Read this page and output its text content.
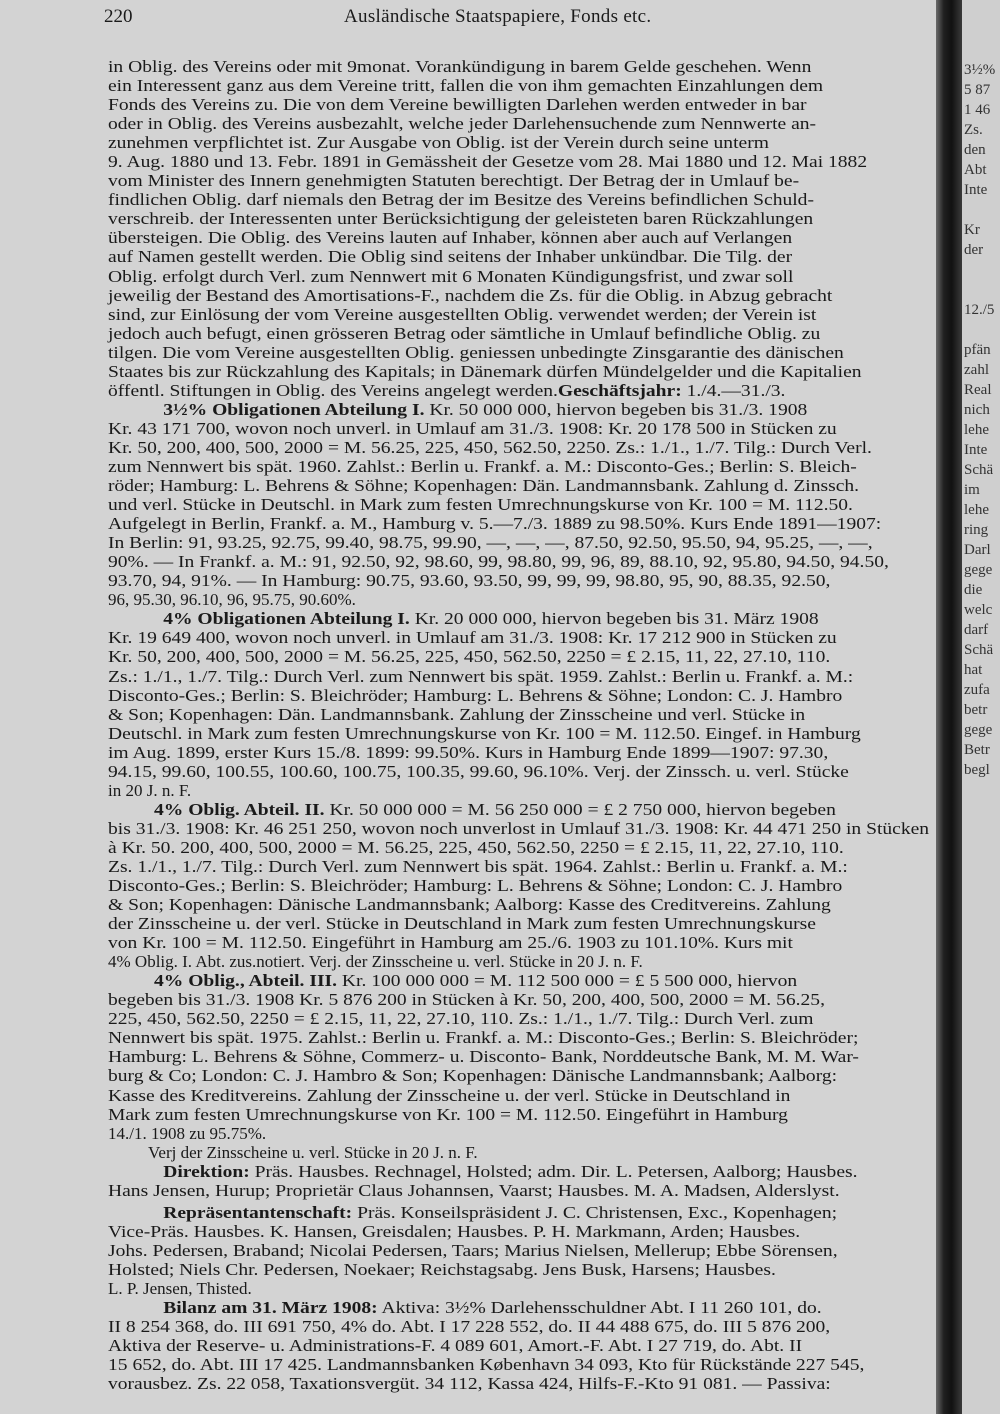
220	Ausländische Staatspapiere, Fonds etc.
in Oblig. des Vereins oder mit 9monat. Vorankündigung in barem Gelde geschehen. Wenn
ein Interessent ganz aus dem Vereine tritt, fallen die von ihm gemachten Einzahlungen dem
Fonds des Vereins zu. Die von dem Vereine bewilligten Darlehen werden entweder in bar
oder in Oblig. des Vereins ausbezahlt, welche jeder Darlehensuchende zum Nennwerte an-
zunehmen verpflichtet ist. Zur Ausgabe von Oblig. ist der Verein durch seine unterm
9. Aug. 1880 und 13. Febr. 1891 in Gemässheit der Gesetze vom 28. Mai 1880 und 12. Mai 1882
vom Minister des Innern genehmigten Statuten berechtigt. Der Betrag der in Umlauf be-
findlichen Oblig. darf niemals den Betrag der im Besitze des Vereins befindlichen Schuld-
verschreib. der Interessenten unter Berücksichtigung der geleisteten baren Rückzahlungen
übersteigen. Die Oblig. des Vereins lauten auf Inhaber, können aber auch auf Verlangen
auf Namen gestellt werden. Die Oblig sind seitens der Inhaber unkündbar. Die Tilg. der
Oblig. erfolgt durch Verl. zum Nennwert mit 6 Monaten Kündigungsfrist, und zwar soll
jeweilig der Bestand des Amortisations-F., nachdem die Zs. für die Oblig. in Abzug gebracht
sind, zur Einlösung der vom Vereine ausgestellten Oblig. verwendet werden; der Verein ist
jedoch auch befugt, einen grösseren Betrag oder sämtliche in Umlauf befindliche Oblig. zu
tilgen. Die vom Vereine ausgestellten Oblig. geniessen unbedingte Zinsgarantie des dänischen
Staates bis zur Rückzahlung des Kapitals; in Dänemark dürfen Mündelgelder und die Kapitalien
öffentl. Stiftungen in Oblig. des Vereins angelegt werden.Geschäftsjahr: 1./4.—31./3.
3½% Obligationen Abteilung I. Kr. 50 000 000, hiervon begeben bis 31./3. 1908
Kr. 43 171 700, wovon noch unverl. in Umlauf am 31./3. 1908: Kr. 20 178 500 in Stücken zu
Kr. 50, 200, 400, 500, 2000 = M. 56.25, 225, 450, 562.50, 2250. Zs.: 1./1., 1./7. Tilg.: Durch Verl.
zum Nennwert bis spät. 1960. Zahlst.: Berlin u. Frankf. a. M.: Disconto-Ges.; Berlin: S. Bleich-
röder; Hamburg: L. Behrens & Söhne; Kopenhagen: Dän. Landmannsbank. Zahlung d. Zinssch.
und verl. Stücke in Deutschl. in Mark zum festen Umrechnungskurse von Kr. 100 = M. 112.50.
Aufgelegt in Berlin, Frankf. a. M., Hamburg v. 5.—7./3. 1889 zu 98.50%. Kurs Ende 1891—1907:
In Berlin: 91, 93.25, 92.75, 99.40, 98.75, 99.90, —, —, —, 87.50, 92.50, 95.50, 94, 95.25, —, —,
90%. — In Frankf. a. M.: 91, 92.50, 92, 98.60, 99, 98.80, 99, 96, 89, 88.10, 92, 95.80, 94.50, 94.50,
93.70, 94, 91%. — In Hamburg: 90.75, 93.60, 93.50, 99, 99, 99, 98.80, 95, 90, 88.35, 92.50,
96, 95.30, 96.10, 96, 95.75, 90.60%.
4% Obligationen Abteilung I. Kr. 20 000 000, hiervon begeben bis 31. März 1908
Kr. 19 649 400, wovon noch unverl. in Umlauf am 31./3. 1908: Kr. 17 212 900 in Stücken zu
Kr. 50, 200, 400, 500, 2000 = M. 56.25, 225, 450, 562.50, 2250 = £ 2.15, 11, 22, 27.10, 110.
Zs.: 1./1., 1./7. Tilg.: Durch Verl. zum Nennwert bis spät. 1959. Zahlst.: Berlin u. Frankf. a. M.:
Disconto-Ges.; Berlin: S. Bleichröder; Hamburg: L. Behrens & Söhne; London: C. J. Hambro
& Son; Kopenhagen: Dän. Landmannsbank. Zahlung der Zinsscheine und verl. Stücke in
Deutschl. in Mark zum festen Umrechnungskurse von Kr. 100 = M. 112.50. Eingef. in Hamburg
im Aug. 1899, erster Kurs 15./8. 1899: 99.50%. Kurs in Hamburg Ende 1899—1907: 97.30,
94.15, 99.60, 100.55, 100.60, 100.75, 100.35, 99.60, 96.10%. Verj. der Zinssch. u. verl. Stücke
in 20 J. n. F.
4% Oblig. Abteil. II. Kr. 50 000 000 = M. 56 250 000 = £ 2 750 000, hiervon begeben
bis 31./3. 1908: Kr. 46 251 250, wovon noch unverlost in Umlauf 31./3. 1908: Kr. 44 471 250 in Stücken
à Kr. 50. 200, 400, 500, 2000 = M. 56.25, 225, 450, 562.50, 2250 = £ 2.15, 11, 22, 27.10, 110.
Zs. 1./1., 1./7. Tilg.: Durch Verl. zum Nennwert bis spät. 1964. Zahlst.: Berlin u. Frankf. a. M.:
Disconto-Ges.; Berlin: S. Bleichröder; Hamburg: L. Behrens & Söhne; London: C. J. Hambro
& Son; Kopenhagen: Dänische Landmannsbank; Aalborg: Kasse des Creditvereins. Zahlung
der Zinsscheine u. der verl. Stücke in Deutschland in Mark zum festen Umrechnungskurse
von Kr. 100 = M. 112.50. Eingeführt in Hamburg am 25./6. 1903 zu 101.10%. Kurs mit
4% Oblig. I. Abt. zus.notiert. Verj. der Zinsscheine u. verl. Stücke in 20 J. n. F.
4% Oblig., Abteil. III. Kr. 100 000 000 = M. 112 500 000 = £ 5 500 000, hiervon
begeben bis 31./3. 1908 Kr. 5 876 200 in Stücken à Kr. 50, 200, 400, 500, 2000 = M. 56.25,
225, 450, 562.50, 2250 = £ 2.15, 11, 22, 27.10, 110. Zs.: 1./1., 1./7. Tilg.: Durch Verl. zum
Nennwert bis spät. 1975. Zahlst.: Berlin u. Frankf. a. M.: Disconto-Ges.; Berlin: S. Bleichröder;
Hamburg: L. Behrens & Söhne, Commerz- u. Disconto- Bank, Norddeutsche Bank, M. M. War-
burg & Co; London: C. J. Hambro & Son; Kopenhagen: Dänische Landmannsbank; Aalborg:
Kasse des Kreditvereins. Zahlung der Zinsscheine u. der verl. Stücke in Deutschland in
Mark zum festen Umrechnungskurse von Kr. 100 = M. 112.50. Eingeführt in Hamburg
14./1. 1908 zu 95.75%.
Verj der Zinsscheine u. verl. Stücke in 20 J. n. F.
Direktion: Präs. Hausbes. Rechnagel, Holsted; adm. Dir. L. Petersen, Aalborg; Hausbes.
Hans Jensen, Hurup; Proprietär Claus Johannsen, Vaarst; Hausbes. M. A. Madsen, Alderslyst.
Repräsentantenschaft: Präs. Konseilspräsident J. C. Christensen, Exc., Kopenhagen;
Vice-Präs. Hausbes. K. Hansen, Greisdalen; Hausbes. P. H. Markmann, Arden; Hausbes.
Johs. Pedersen, Braband; Nicolai Pedersen, Taars; Marius Nielsen, Mellerup; Ebbe Sörensen,
Holsted; Niels Chr. Pedersen, Noekaer; Reichstagsabg. Jens Busk, Harsens; Hausbes.
L. P. Jensen, Thisted.
Bilanz am 31. März 1908: Aktiva: 3½% Darlehensschuldner Abt. I 11 260 101, do.
II 8 254 368, do. III 691 750, 4% do. Abt. I 17 228 552, do. II 44 488 675, do. III 5 876 200,
Aktiva der Reserve- u. Administrations-F. 4 089 601, Amort.-F. Abt. I 27 719, do. Abt. II
15 652, do. Abt. III 17 425. Landmannsbanken København 34 093, Kto für Rückstände 227 545,
vorausbez. Zs. 22 058, Taxationsvergüt. 34 112, Kassa 424, Hilfs-F.-Kto 91 081. — Passiva:
3½%
5 87
1 46
Zs.
den
Abt
Inte
Kr
der
12./5
pfän
zahl
Real
nich
lehe
Inte
Schä
im
lehe
ring
Darl
gege
die
welc
darf
Schä
hat
zufa
betr
gege
Betr
begl
